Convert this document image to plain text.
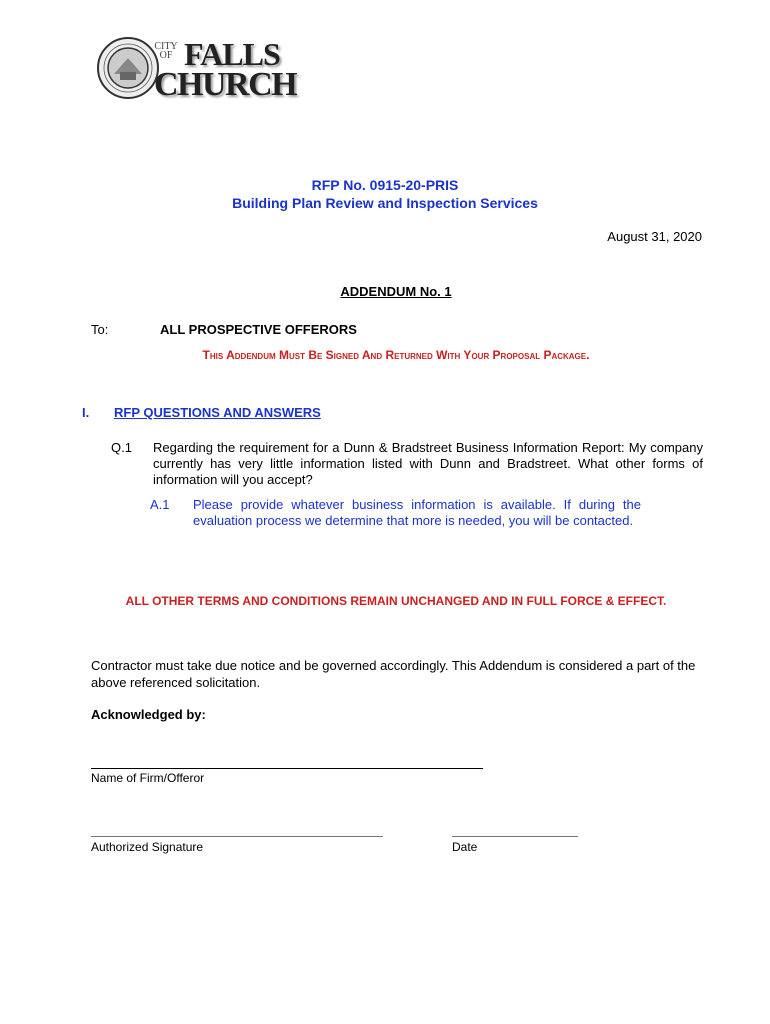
CITY
OF FALLS
CHURCH
RFP No. 0915-20-PRIS
Building Plan Review and Inspection Services
August 31, 2020
ADDENDUM No. 1
To:	ALL PROSPECTIVE OFFERORS
This Addendum Must Be Signed And Returned With Your Proposal Package.
I. RFP QUESTIONS AND ANSWERS
Q.1 Regarding the requirement for a Dunn & Bradstreet Business Information Report: My company currently has very little information listed with Dunn and Bradstreet. What other forms of information will you accept?
A.1 Please provide whatever business information is available. If during the evaluation process we determine that more is needed, you will be contacted.
ALL OTHER TERMS AND CONDITIONS REMAIN UNCHANGED AND IN FULL FORCE & EFFECT.
Contractor must take due notice and be governed accordingly. This Addendum is considered a part of the above referenced solicitation.
Acknowledged by:
Name of Firm/Offeror
Authorized Signature	Date
